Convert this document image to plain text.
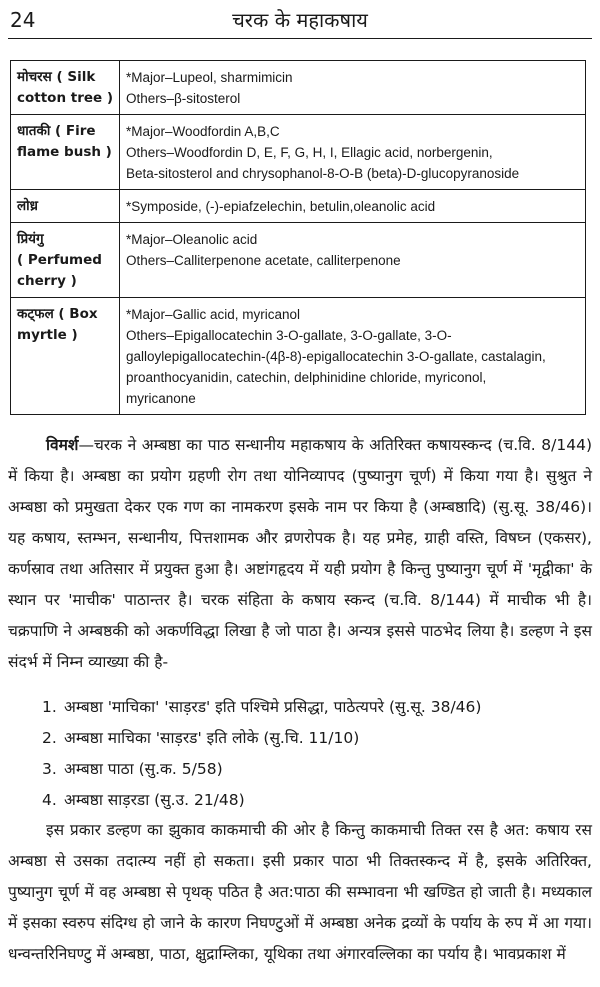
24	चरक के महाकषाय
मोचरस ( Silk
cotton tree )	*Major–Lupeol, sharmimicin
Others–β-sitosterol

धातकी ( Fire
flame bush )	*Major–Woodfordin A,B,C
Others–Woodfordin D, E, F, G, H, I, Ellagic acid, norbergenin,
Beta-sitosterol and chrysophanol-8-O-B (beta)-D-glucopyranoside

लोध्र	*Symposide, (-)-epiafzelechin, betulin,oleanolic acid

प्रियंगु
( Perfumed
cherry )	*Major–Oleanolic acid
Others–Calliterpenone acetate, calliterpenone

कट्फल ( Box
myrtle )	*Major–Gallic acid, myricanol
Others–Epigallocatechin 3-O-gallate, 3-O-gallate, 3-O-
galloylepigallocatechin-(4β-8)-epigallocatechin 3-O-gallate, castalagin,
proanthocyanidin, catechin, delphinidine chloride, myriconol,
myricanone
विमर्श—चरक ने अम्बष्ठा का पाठ सन्धानीय महाकषाय के अतिरिक्त कषायस्कन्द (च.वि. 8/144) में किया है। अम्बष्ठा का प्रयोग ग्रहणी रोग तथा योनिव्यापद (पुष्यानुग चूर्ण) में किया गया है। सुश्रुत ने अम्बष्ठा को प्रमुखता देकर एक गण का नामकरण इसके नाम पर किया है (अम्बष्ठादि) (सु.सू. 38/46)। यह कषाय, स्तम्भन, सन्धानीय, पित्तशामक और व्रणरोपक है। यह प्रमेह, ग्राही वस्ति, विषघ्न (एकसर), कर्णस्राव तथा अतिसार में प्रयुक्त हुआ है। अष्टांगहृदय में यही प्रयोग है किन्तु पुष्यानुग चूर्ण में 'मृद्वीका' के स्थान पर 'माचीक' पाठान्तर है। चरक संहिता के कषाय स्कन्द (च.वि. 8/144) में माचीक भी है। चक्रपाणि ने अम्बष्ठकी को अकर्णविद्धा लिखा है जो पाठा है। अन्यत्र इससे पाठभेद लिया है। डल्हण ने इस संदर्भ में निम्न व्याख्या की है-
1. अम्बष्ठा 'माचिका' 'साड़रड' इति पश्चिमे प्रसिद्धा, पाठेत्यपरे (सु.सू. 38/46)
2. अम्बष्ठा माचिका 'साड़रड' इति लोके (सु.चि. 11/10)
3. अम्बष्ठा पाठा (सु.क. 5/58)
4. अम्बष्ठा साड़रडा (सु.उ. 21/48)
इस प्रकार डल्हण का झुकाव काकमाची की ओर है किन्तु काकमाची तिक्त रस है अत: कषाय रस अम्बष्ठा से उसका तदात्म्य नहीं हो सकता। इसी प्रकार पाठा भी तिक्तस्कन्द में है, इसके अतिरिक्त, पुष्यानुग चूर्ण में वह अम्बष्ठा से पृथक् पठित है अत:पाठा की सम्भावना भी खण्डित हो जाती है। मध्यकाल में इसका स्वरुप संदिग्ध हो जाने के कारण निघण्टुओं में अम्बष्ठा अनेक द्रव्यों के पर्याय के रुप में आ गया। धन्वन्तरिनिघण्टु में अम्बष्ठा, पाठा, क्षुद्राम्लिका, यूथिका तथा अंगारवल्लिका का पर्याय है। भावप्रकाश में
